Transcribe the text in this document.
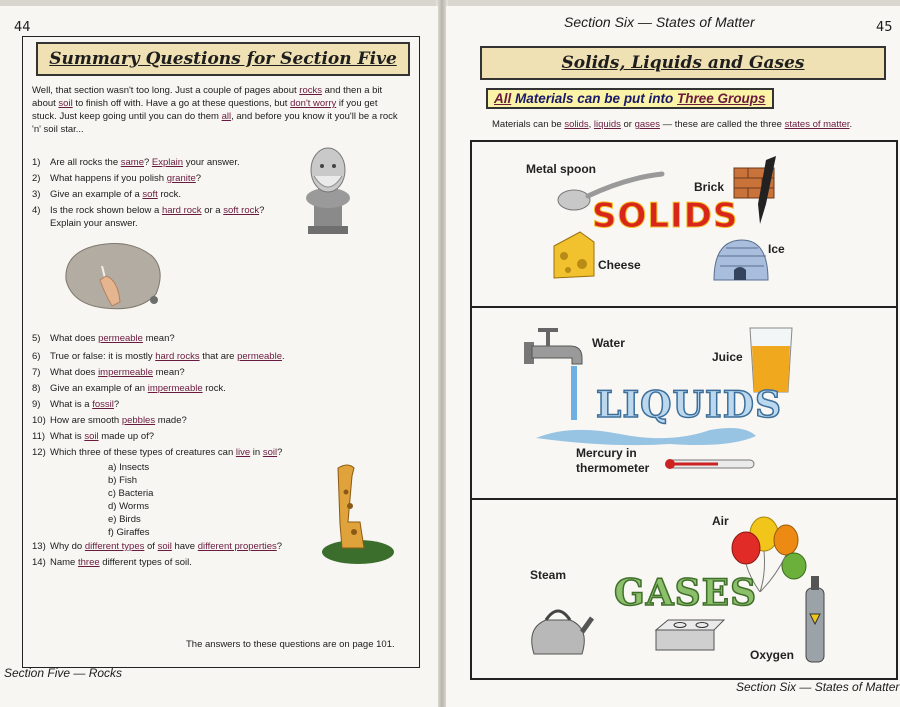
44
Summary Questions for Section Five
Well, that section wasn't too long. Just a couple of pages about rocks and then a bit about soil to finish off with. Have a go at these questions, but don't worry if you get stuck. Just keep going until you can do them all, and before you know it you'll be a rock 'n' soil star...
1) Are all rocks the same? Explain your answer.
2) What happens if you polish granite?
3) Give an example of a soft rock.
4) Is the rock shown below a hard rock or a soft rock?
Explain your answer.
5) What does permeable mean?
6) True or false: it is mostly hard rocks that are permeable.
7) What does impermeable mean?
8) Give an example of an impermeable rock.
9) What is a fossil?
10) How are smooth pebbles made?
11) What is soil made up of?
12) Which three of these types of creatures can live in soil?
13) Why do different types of soil have different properties?
14) Name three different types of soil.
a) Insects
b) Fish
c) Bacteria
d) Worms
e) Birds
f) Giraffes
The answers to these questions are on page 101.
Section Five — Rocks
Section Six — States of Matter	45
Solids, Liquids and Gases
All Materials can be put into Three Groups
Materials can be solids, liquids or gases — these are called the three states of matter.
Metal spoon
Brick
SOLIDS
Cheese
Ice
Water
Juice
LIQUIDS
Mercury in
thermometer
Air
Steam GASES
Oxygen
Section Six — States of Matter
